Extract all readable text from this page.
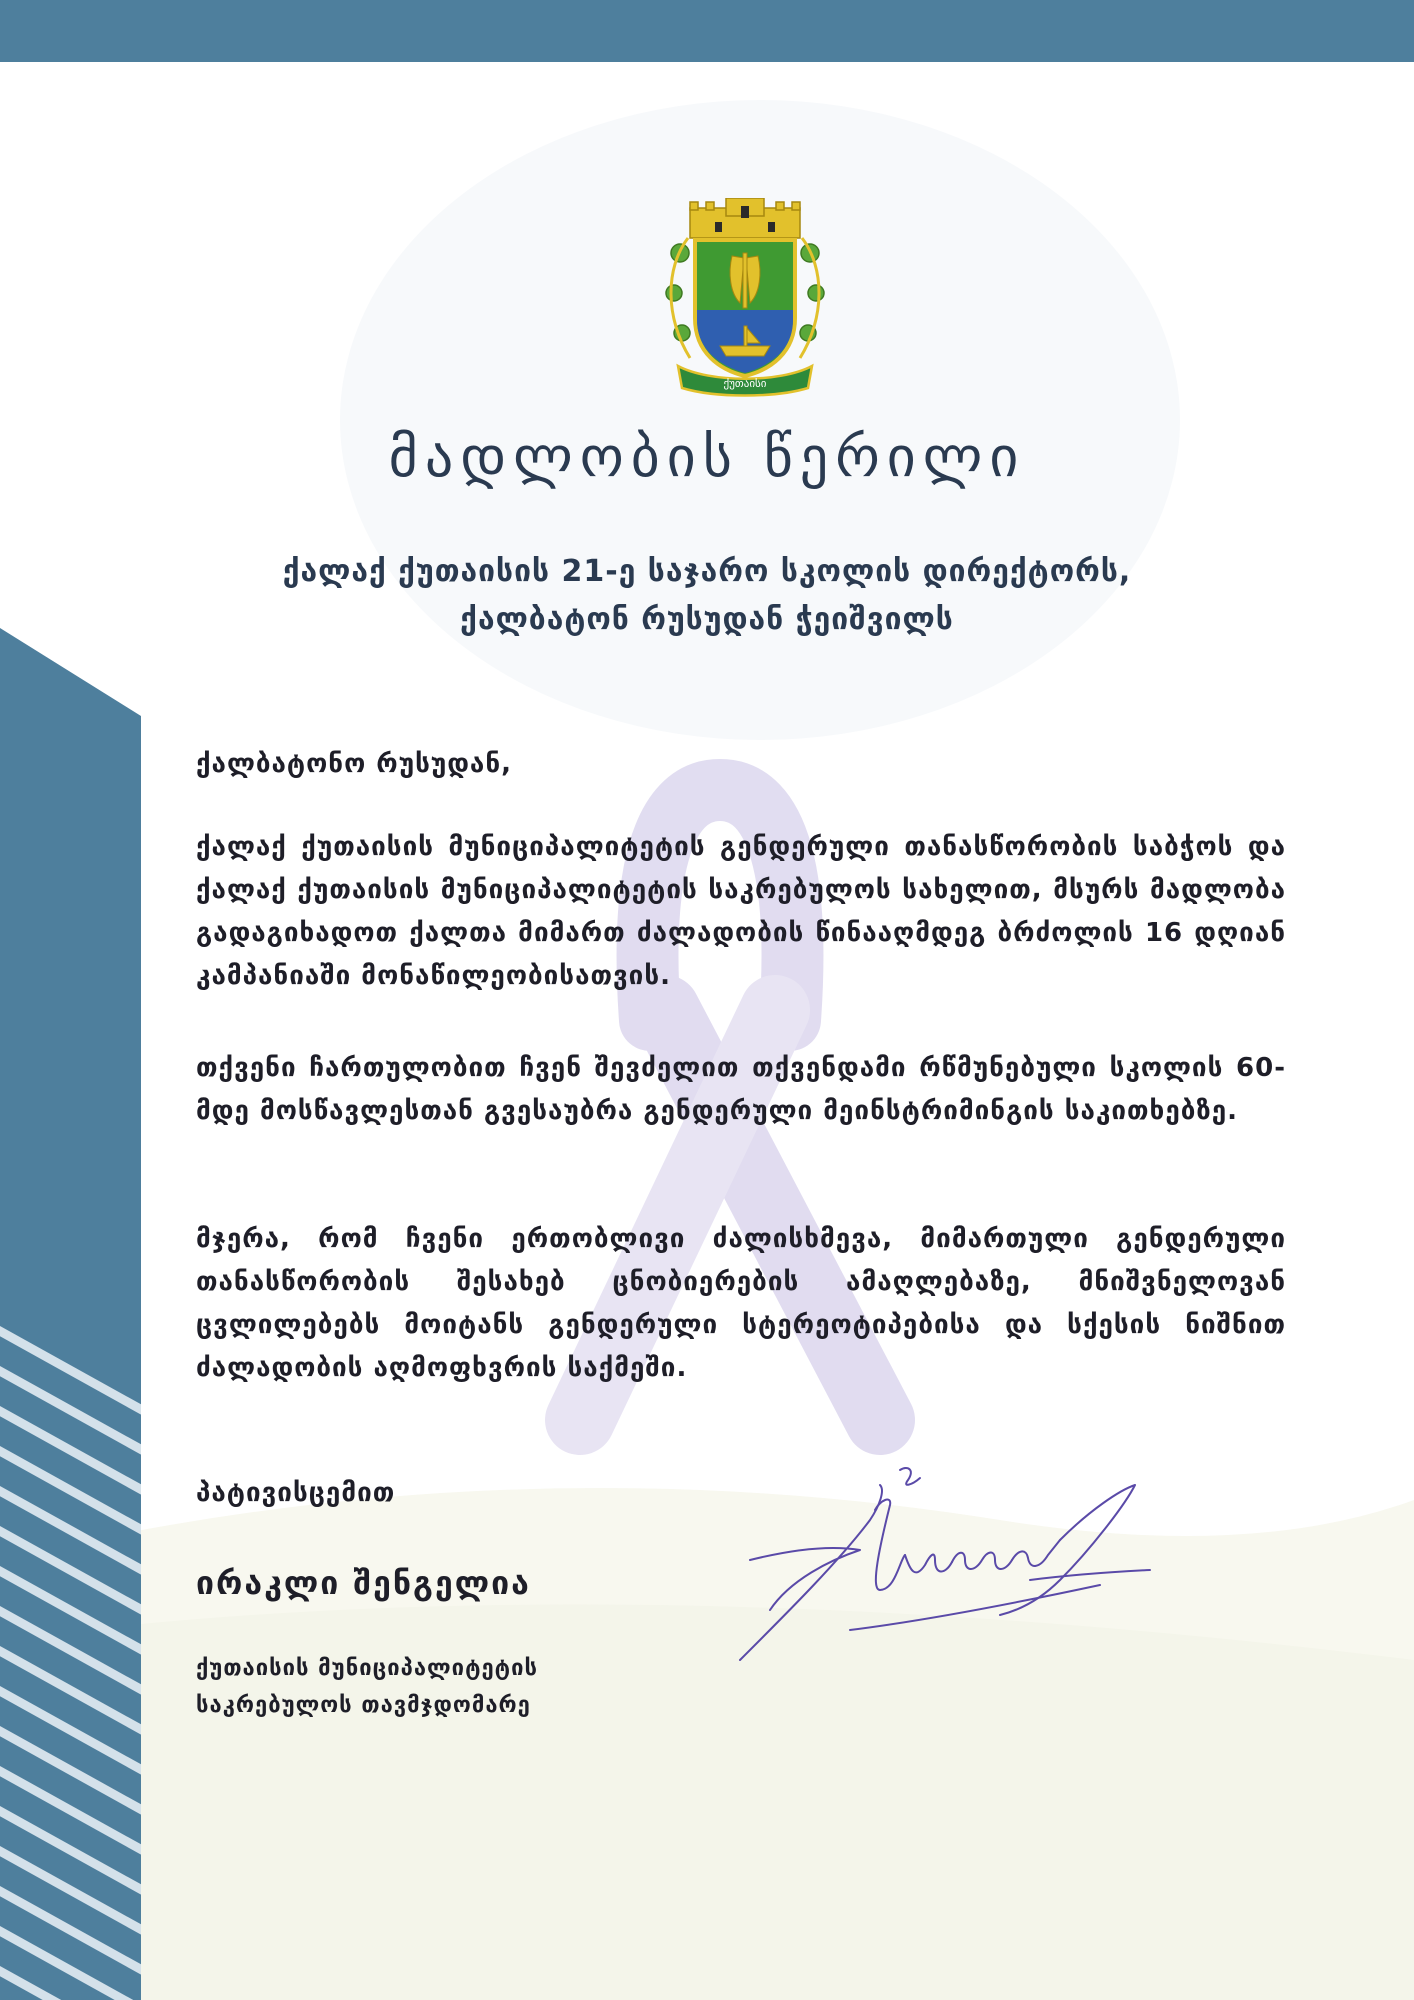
ქუთაისი
მადლობის წერილი
ქალაქ ქუთაისის 21-ე საჯარო სკოლის დირექტორს,
ქალბატონ რუსუდან ჭეიშვილს
ქალბატონო რუსუდან,
ქალაქ ქუთაისის მუნიციპალიტეტის გენდერული თანასწორობის საბჭოს და ქალაქ ქუთაისის მუნიციპალიტეტის საკრებულოს სახელით, მსურს მადლობა გადაგიხადოთ ქალთა მიმართ ძალადობის წინააღმდეგ ბრძოლის 16 დღიან კამპანიაში მონაწილეობისათვის.
თქვენი ჩართულობით ჩვენ შევძელით თქვენდამი რწმუნებული სკოლის 60-მდე მოსწავლესთან გვესაუბრა გენდერული მეინსტრიმინგის საკითხებზე.
მჯერა, რომ ჩვენი ერთობლივი ძალისხმევა, მიმართული გენდერული თანასწორობის შესახებ ცნობიერების ამაღლებაზე, მნიშვნელოვან ცვლილებებს მოიტანს გენდერული სტერეოტიპებისა და სქესის ნიშნით ძალადობის აღმოფხვრის საქმეში.
პატივისცემით
ირაკლი შენგელია
ქუთაისის მუნიციპალიტეტის
საკრებულოს თავმჯდომარე
